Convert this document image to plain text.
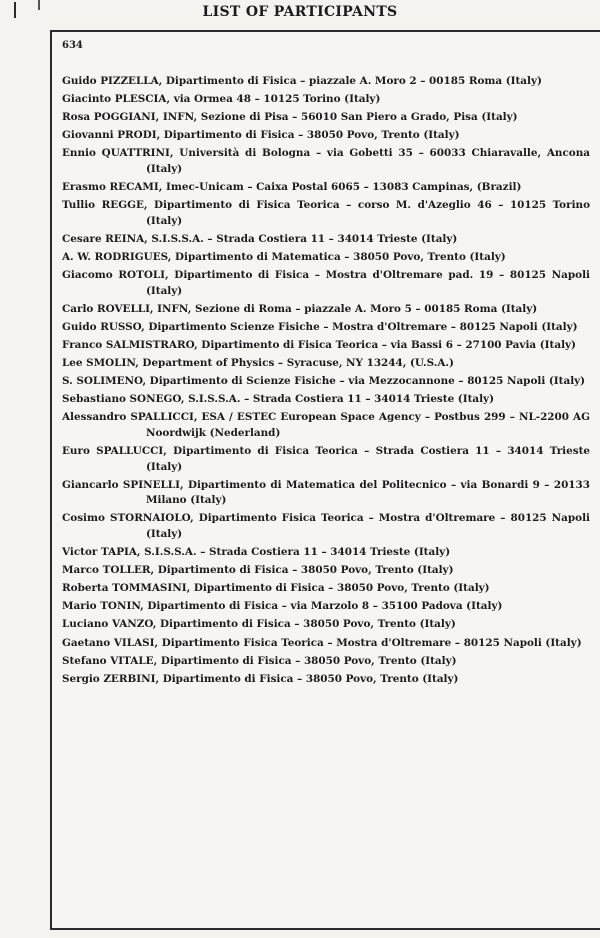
LIST OF PARTICIPANTS
634
Guido PIZZELLA, Dipartimento di Fisica – piazzale A. Moro 2 – 00185 Roma (Italy)
Giacinto PLESCIA, via Ormea 48 – 10125 Torino (Italy)
Rosa POGGIANI, INFN, Sezione di Pisa – 56010 San Piero a Grado, Pisa (Italy)
Giovanni PRODI, Dipartimento di Fisica – 38050 Povo, Trento (Italy)
Ennio QUATTRINI, Università di Bologna – via Gobetti 35 – 60033 Chiaravalle, Ancona (Italy)
Erasmo RECAMI, Imec-Unicam – Caixa Postal 6065 – 13083 Campinas, (Brazil)
Tullio REGGE, Dipartimento di Fisica Teorica – corso M. d'Azeglio 46 – 10125 Torino (Italy)
Cesare REINA, S.I.S.S.A. – Strada Costiera 11 – 34014 Trieste (Italy)
A. W. RODRIGUES, Dipartimento di Matematica – 38050 Povo, Trento (Italy)
Giacomo ROTOLI, Dipartimento di Fisica – Mostra d'Oltremare pad. 19 – 80125 Napoli (Italy)
Carlo ROVELLI, INFN, Sezione di Roma – piazzale A. Moro 5 – 00185 Roma (Italy)
Guido RUSSO, Dipartimento Scienze Fisiche – Mostra d'Oltremare – 80125 Napoli (Italy)
Franco SALMISTRARO, Dipartimento di Fisica Teorica – via Bassi 6 – 27100 Pavia (Italy)
Lee SMOLIN, Department of Physics – Syracuse, NY 13244, (U.S.A.)
S. SOLIMENO, Dipartimento di Scienze Fisiche – via Mezzocannone – 80125 Napoli (Italy)
Sebastiano SONEGO, S.I.S.S.A. – Strada Costiera 11 – 34014 Trieste (Italy)
Alessandro SPALLICCI, ESA / ESTEC European Space Agency – Postbus 299 – NL-2200 AG Noordwijk (Nederland)
Euro SPALLUCCI, Dipartimento di Fisica Teorica – Strada Costiera 11 – 34014 Trieste (Italy)
Giancarlo SPINELLI, Dipartimento di Matematica del Politecnico – via Bonardi 9 – 20133 Milano (Italy)
Cosimo STORNAIOLO, Dipartimento Fisica Teorica – Mostra d'Oltremare – 80125 Napoli (Italy)
Victor TAPIA, S.I.S.S.A. – Strada Costiera 11 – 34014 Trieste (Italy)
Marco TOLLER, Dipartimento di Fisica – 38050 Povo, Trento (Italy)
Roberta TOMMASINI, Dipartimento di Fisica – 38050 Povo, Trento (Italy)
Mario TONIN, Dipartimento di Fisica – via Marzolo 8 – 35100 Padova (Italy)
Luciano VANZO, Dipartimento di Fisica – 38050 Povo, Trento (Italy)
Gaetano VILASI, Dipartimento Fisica Teorica – Mostra d'Oltremare – 80125 Napoli (Italy)
Stefano VITALE, Dipartimento di Fisica – 38050 Povo, Trento (Italy)
Sergio ZERBINI, Dipartimento di Fisica – 38050 Povo, Trento (Italy)
